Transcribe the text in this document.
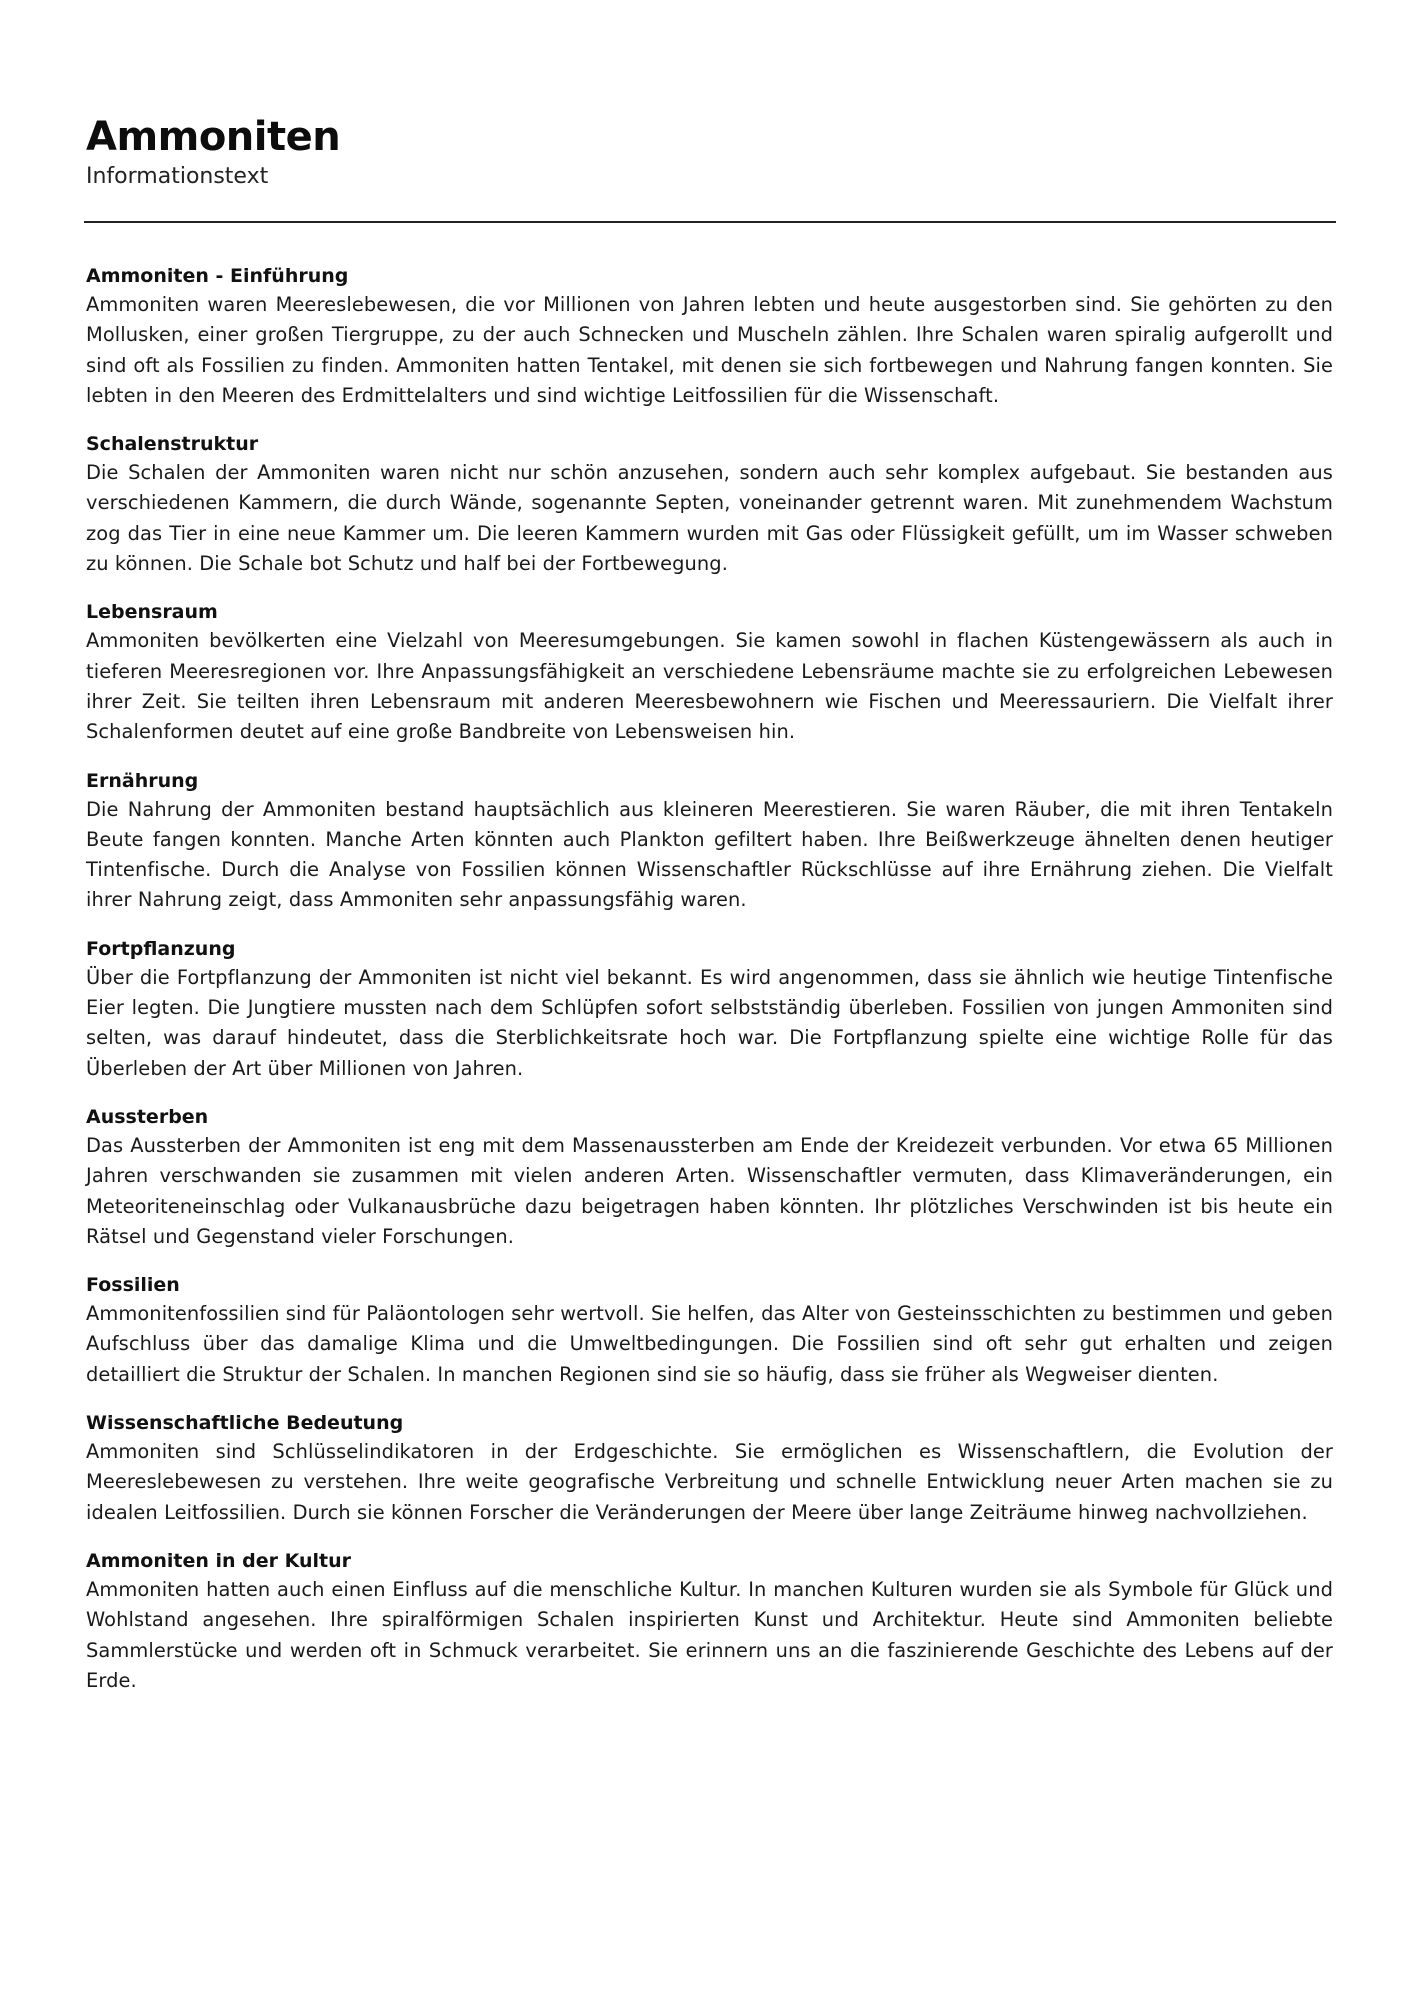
Ammoniten

Informationstext

Ammoniten - Einführung

Ammoniten waren Meereslebewesen, die vor Millionen von Jahren lebten und heute ausgestorben sind. Sie gehörten zu den Mollusken, einer großen Tiergruppe, zu der auch Schnecken und Muscheln zählen. Ihre Schalen waren spiralig aufgerollt und sind oft als Fossilien zu finden. Ammoniten hatten Tentakel, mit denen sie sich fortbewegen und Nahrung fangen konnten. Sie lebten in den Meeren des Erdmittelalters und sind wichtige Leitfossilien für die Wissenschaft.

Schalenstruktur

Die Schalen der Ammoniten waren nicht nur schön anzusehen, sondern auch sehr komplex aufgebaut. Sie bestanden aus verschiedenen Kammern, die durch Wände, sogenannte Septen, voneinander getrennt waren. Mit zunehmendem Wachstum zog das Tier in eine neue Kammer um. Die leeren Kammern wurden mit Gas oder Flüssigkeit gefüllt, um im Wasser schweben zu können. Die Schale bot Schutz und half bei der Fortbewegung.

Lebensraum

Ammoniten bevölkerten eine Vielzahl von Meeresumgebungen. Sie kamen sowohl in flachen Küstengewässern als auch in tieferen Meeresregionen vor. Ihre Anpassungsfähigkeit an verschiedene Lebensräume machte sie zu erfolgreichen Lebewesen ihrer Zeit. Sie teilten ihren Lebensraum mit anderen Meeresbewohnern wie Fischen und Meeressauriern. Die Vielfalt ihrer Schalenformen deutet auf eine große Bandbreite von Lebensweisen hin.

Ernährung

Die Nahrung der Ammoniten bestand hauptsächlich aus kleineren Meerestieren. Sie waren Räuber, die mit ihren Tentakeln Beute fangen konnten. Manche Arten könnten auch Plankton gefiltert haben. Ihre Beißwerkzeuge ähnelten denen heutiger Tintenfische. Durch die Analyse von Fossilien können Wissenschaftler Rückschlüsse auf ihre Ernährung ziehen. Die Vielfalt ihrer Nahrung zeigt, dass Ammoniten sehr anpassungsfähig waren.

Fortpflanzung

Über die Fortpflanzung der Ammoniten ist nicht viel bekannt. Es wird angenommen, dass sie ähnlich wie heutige Tintenfische Eier legten. Die Jungtiere mussten nach dem Schlüpfen sofort selbstständig überleben. Fossilien von jungen Ammoniten sind selten, was darauf hindeutet, dass die Sterblichkeitsrate hoch war. Die Fortpflanzung spielte eine wichtige Rolle für das Überleben der Art über Millionen von Jahren.

Aussterben

Das Aussterben der Ammoniten ist eng mit dem Massenaussterben am Ende der Kreidezeit verbunden. Vor etwa 65 Millionen Jahren verschwanden sie zusammen mit vielen anderen Arten. Wissenschaftler vermuten, dass Klimaveränderungen, ein Meteoriteneinschlag oder Vulkanausbrüche dazu beigetragen haben könnten. Ihr plötzliches Verschwinden ist bis heute ein Rätsel und Gegenstand vieler Forschungen.

Fossilien

Ammonitenfossilien sind für Paläontologen sehr wertvoll. Sie helfen, das Alter von Gesteinsschichten zu bestimmen und geben Aufschluss über das damalige Klima und die Umweltbedingungen. Die Fossilien sind oft sehr gut erhalten und zeigen detailliert die Struktur der Schalen. In manchen Regionen sind sie so häufig, dass sie früher als Wegweiser dienten.

Wissenschaftliche Bedeutung

Ammoniten sind Schlüsselindikatoren in der Erdgeschichte. Sie ermöglichen es Wissenschaftlern, die Evolution der Meereslebewesen zu verstehen. Ihre weite geografische Verbreitung und schnelle Entwicklung neuer Arten machen sie zu idealen Leitfossilien. Durch sie können Forscher die Veränderungen der Meere über lange Zeiträume hinweg nachvollziehen.

Ammoniten in der Kultur

Ammoniten hatten auch einen Einfluss auf die menschliche Kultur. In manchen Kulturen wurden sie als Symbole für Glück und Wohlstand angesehen. Ihre spiralförmigen Schalen inspirierten Kunst und Architektur. Heute sind Ammoniten beliebte Sammlerstücke und werden oft in Schmuck verarbeitet. Sie erinnern uns an die faszinierende Geschichte des Lebens auf der Erde.
